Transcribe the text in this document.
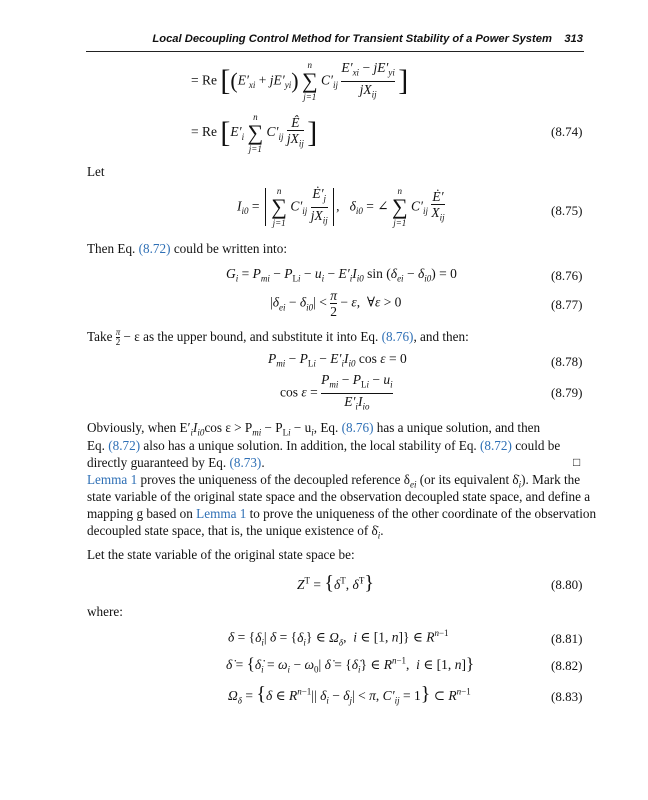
Local Decoupling Control Method for Transient Stability of a Power System 313
= Re [$(E'_{xi} + jE'_{yi})$
n
∑
j=1
$C'_{ij} \frac{E'_{xi} - jE'_{yi}}{jX_{ij}}$ ]
= Re [$E'_i$
n
∑
j=1
$C'_{ij} \frac{Ê}{jX_{ij}}$ ]	(8.74)
Let
$I_{i0}$ =
n
∑
j=1
$C'_{ij} \frac{Ė'_j}{jX_{ij}}$ ,   $\delta_{i0}$ = ∠
n
∑
j=1
$C'_{ij} \frac{Ė'}{X_{ij}}$	(8.75)
Then Eq. (8.72) could be written into:
$G_i = P_{mi} - P_{Li} - u_i - E'_iI_{i0}$ $\sin (\delta_{ei} - \delta_{i0}) = 0$	(8.76)
$|\delta_{ei} - \delta_{i0}| < \frac{\pi}{2} - \varepsilon$,  ∀ε > 0	(8.77)
Take $\frac{\pi}{2} - \varepsilon$ as the upper bound, and substitute it into Eq. (8.76), and then:
$P_{mi} - P_{Li} - E'_iI_{i0}$ cos ε = 0	(8.78)
$\cos \varepsilon = \frac{P_{mi} - P_{Li} - u_i}{E'_iI_{io}}$	(8.79)
Obviously, when $E'_iI_{i0}\cos$ $\varepsilon > P_{mi} - P_{Li} - u_i$, Eq. (8.76) has a unique solution, and then
Eq. (8.72) also has a unique solution. In addition, the local stability of Eq. (8.72) could be
directly guaranteed by Eq. (8.73).	□
Lemma 1 proves the uniqueness of the decoupled reference $\delta_{ei}$ (or its equivalent $\deltȧ_i$). Mark the
state variable of the original state space and the observation decoupled state space, and define a
mapping g based on Lemma 1 to prove the uniqueness of the other coordinate of the observation
decoupled state space, that is, the unique existence of $\deltȧ_i$.
Let the state variable of the original state space be:
$Z^T = \{\delta^T$, δ̇$^T$}	(8.80)
where:
$\delta = \{\delta_i|$ $\delta = \{\delta_i\}$ ∈ $\Omega_\delta$,  i ∈ [1, n]} ∈ $R^{n-1}$	(8.81)
δ̇ = {$\deltȧ_i = \omega_i - \omega_0|$ δ̇ = $\{\deltȧ_i\}$ ∈ $R^{n-1}$,  i ∈ [1, n]}	(8.82)
$\Omega_\delta = \{\delta$ ∈ $R^{n-1}||$ $\delta_i - \delta_j| < \pi$, $C'_{ij} = 1$} ⊂ $R^{n-1}$	(8.83)
